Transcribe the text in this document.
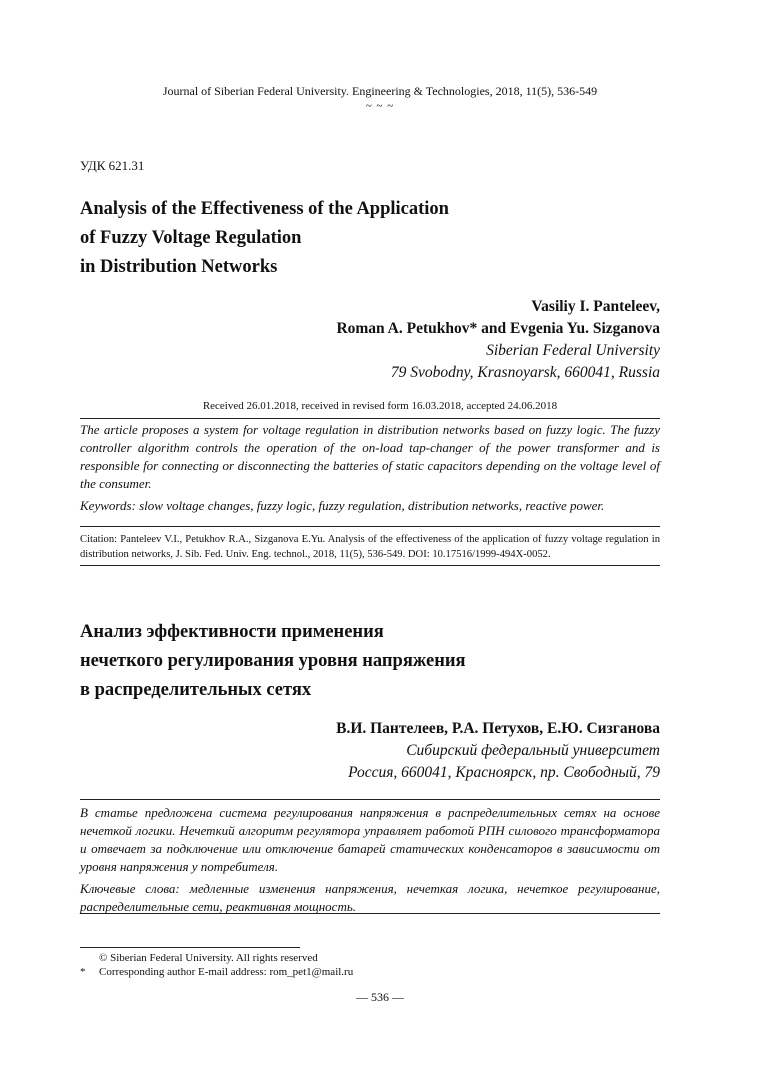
Journal of Siberian Federal University. Engineering & Technologies, 2018, 11(5), 536-549
~ ~ ~
УДК 621.31
Analysis of the Effectiveness of the Application
of Fuzzy Voltage Regulation
in Distribution Networks
Vasiliy I. Panteleev,
Roman A. Petukhov* and Evgenia Yu. Sizganova
Siberian Federal University
79 Svobodny, Krasnoyarsk, 660041, Russia
Received 26.01.2018, received in revised form 16.03.2018, accepted 24.06.2018
The article proposes a system for voltage regulation in distribution networks based on fuzzy logic. The fuzzy controller algorithm controls the operation of the on-load tap-changer of the power transformer and is responsible for connecting or disconnecting the batteries of static capacitors depending on the voltage level of the consumer.
Keywords: slow voltage changes, fuzzy logic, fuzzy regulation, distribution networks, reactive power.
Citation: Panteleev V.I., Petukhov R.A., Sizganova E.Yu. Analysis of the effectiveness of the application of fuzzy voltage regulation in distribution networks, J. Sib. Fed. Univ. Eng. technol., 2018, 11(5), 536-549. DOI: 10.17516/1999-494X-0052.
Анализ эффективности применения
нечеткого регулирования уровня напряжения
в распределительных сетях
В.И. Пантелеев, Р.А. Петухов, Е.Ю. Сизганова
Сибирский федеральный университет
Россия, 660041, Красноярск, пр. Свободный, 79
В статье предложена система регулирования напряжения в распределительных сетях на основе нечеткой логики. Нечеткий алгоритм регулятора управляет работой РПН силового трансформатора и отвечает за подключение или отключение батарей статических конденсаторов в зависимости от уровня напряжения у потребителя.
Ключевые слова: медленные изменения напряжения, нечеткая логика, нечеткое регулирование, распределительные сети, реактивная мощность.
© Siberian Federal University. All rights reserved
* Corresponding author E-mail address: rom_pet1@mail.ru
— 536 —
